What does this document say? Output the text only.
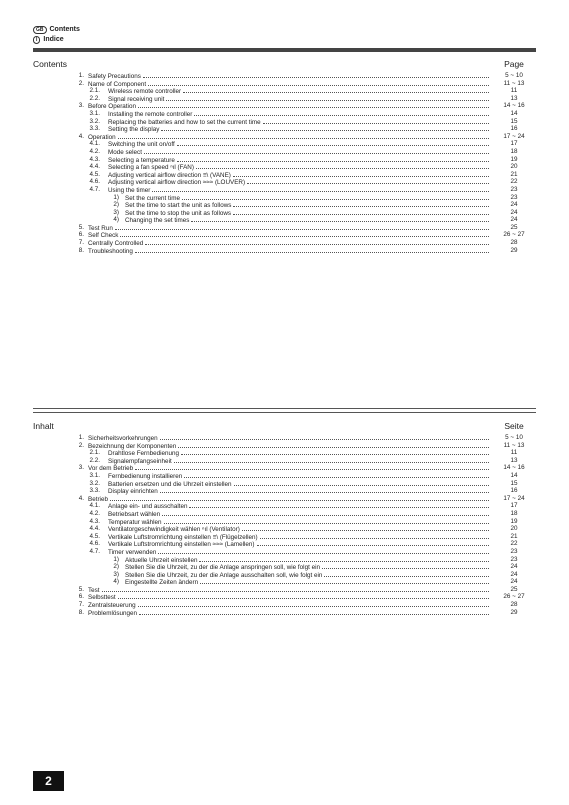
GB Contents
I Indice
Contents	Page
1. Safety Precautions	5 ~ 10
2. Name of Component	11 ~ 13
2.1. Wireless remote controller	11
2.2. Signal receiving unit	13
3. Before Operation	14 ~ 16
3.1. Installing the remote controller	14
3.2. Replacing the batteries and how to set the current time	15
3.3. Setting the display	16
4. Operation	17 ~ 24
4.1. Switching the unit on/off	17
4.2. Mode select	18
4.3. Selecting a temperature	19
4.4. Selecting a fan speed ⁿıl (FAN)	20
4.5. Adjusting vertical airflow direction ≡\ (VANE)	21
4.6. Adjusting vertical airflow direction ≈≈≈ (LOUVER)	22
4.7. Using the timer	23
1) Set the current time	23
2) Set the time to start the unit as follows	24
3) Set the time to stop the unit as follows	24
4) Changing the set times	24
5. Test Run	25
6. Self Check	26 ~ 27
7. Centrally Controlled	28
8. Troubleshooting	29
Inhalt	Seite
1. Sicherheitsvorkehrungen	5 ~ 10
2. Bezeichnung der Komponenten	11 ~ 13
2.1. Drahtlose Fernbedienung	11
2.2. Signalempfangseinheit	13
3. Vor dem Betrieb	14 ~ 16
3.1. Fernbedienung installieren	14
3.2. Batterien ersetzen und die Uhrzeit einstellen	15
3.3. Display einrichten	16
4. Betrieb	17 ~ 24
4.1. Anlage ein- und ausschalten	17
4.2. Betriebsart wählen	18
4.3. Temperatur wählen	19
4.4. Ventilatorgeschwindigkeit wählen ⁿıl (Ventilator)	20
4.5. Vertikale Luftstromrichtung einstellen ≡\ (Flügelzellen)	21
4.6. Vertikale Luftstromrichtung einstellen ≈≈≈ (Lamellen)	22
4.7. Timer verwenden	23
1) Aktuelle Uhrzeit einstellen	23
2) Stellen Sie die Uhrzeit, zu der die Anlage anspringen soll, wie folgt ein	24
3) Stellen Sie die Uhrzeit, zu der die Anlage ausschalten soll, wie folgt ein	24
4) Eingestellte Zeiten ändern	24
5. Test	25
6. Selbsttest	26 ~ 27
7. Zentralsteuerung	28
8. Problemlösungen	29
2
